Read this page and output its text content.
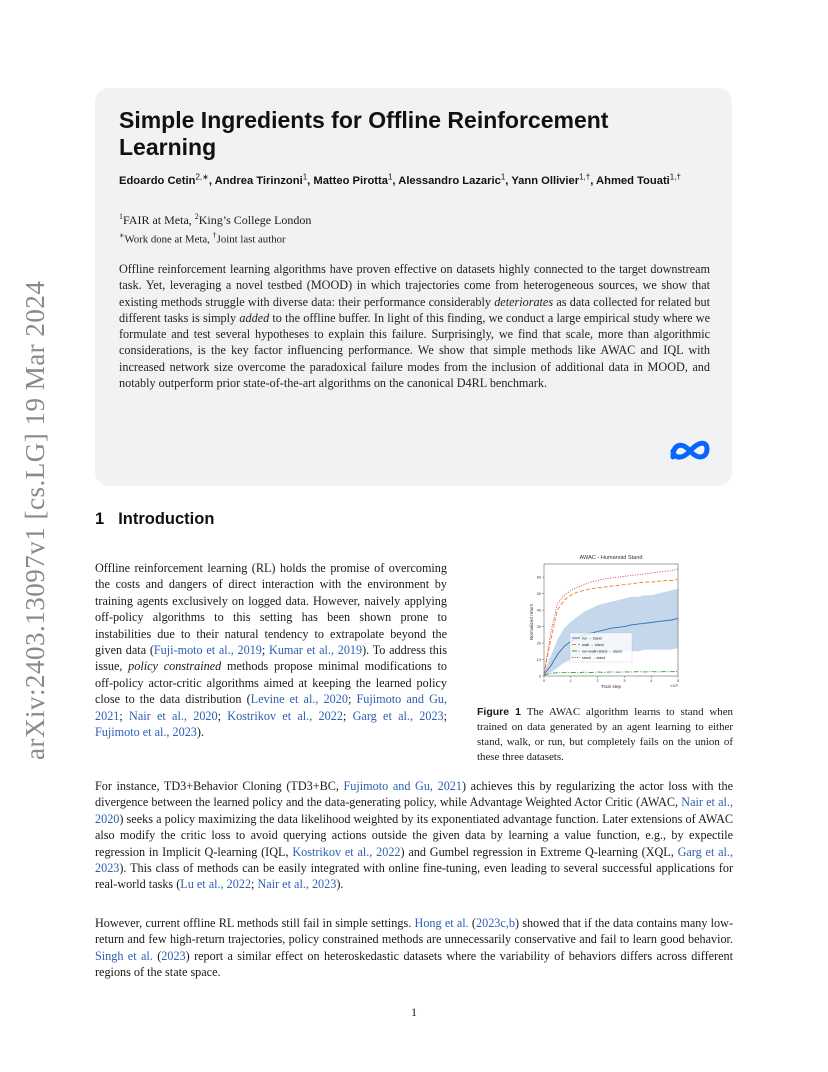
arXiv:2403.13097v1 [cs.LG] 19 Mar 2024
Simple Ingredients for Offline Reinforcement Learning
Edoardo Cetin$^{2,∗}$, Andrea Tirinzoni$^1$, Matteo Pirotta$^1$, Alessandro Lazaric$^1$, Yann Ollivier$^{1,\dagger}$, Ahmed Touati$^{1,\dagger}$
$^1$FAIR at Meta, $^2$King’s College London
∗Work done at Meta, †Joint last author
Offline reinforcement learning algorithms have proven effective on datasets highly connected to the target downstream task. Yet, leveraging a novel testbed (MOOD) in which trajectories come from heterogeneous sources, we show that existing methods struggle with diverse data: their performance considerably deteriorates as data collected for related but different tasks is simply added to the offline buffer. In light of this finding, we conduct a large empirical study where we formulate and test several hypotheses to explain this failure. Surprisingly, we find that scale, more than algorithmic considerations, is the key factor influencing performance. We show that simple methods like AWAC and IQL with increased network size overcome the paradoxical failure modes from the inclusion of additional data in MOOD, and notably outperform prior state-of-the-art algorithms on the canonical D4RL benchmark.
1 Introduction
Offline reinforcement learning (RL) holds the promise of overcoming the costs and dangers of direct interaction with the environment by training agents exclusively on logged data. However, naively applying off-policy algorithms to this setting has been shown prone to instabilities due to their natural tendency to extrapolate beyond the given data (Fuji-moto et al., 2019; Kumar et al., 2019). To address this issue, policy constrained methods propose minimal modifications to off-policy actor-critic algorithms aimed at keeping the learned policy close to the data distribution (Levine et al., 2020; Fujimoto and Gu, 2021; Nair et al., 2020; Kostrikov et al., 2022; Garg et al., 2023; Fujimoto et al., 2023).
AWAC - Humanoid Stand
Normalized return
Train step	×10⁶
0
10
20
30
40
50
60
0	1	2	3	4	5
run → stand
walk → stand
run+walk+stand → stand
stand → stand
Figure 1 The AWAC algorithm learns to stand when trained on data generated by an agent learning to either stand, walk, or run, but completely fails on the union of these three datasets.
For instance, TD3+Behavior Cloning (TD3+BC, Fujimoto and Gu, 2021) achieves this by regularizing the actor loss with the divergence between the learned policy and the data-generating policy, while Advantage Weighted Actor Critic (AWAC, Nair et al., 2020) seeks a policy maximizing the data likelihood weighted by its exponentiated advantage function. Later extensions of AWAC also modify the critic loss to avoid querying actions outside the given data by learning a value function, e.g., by expectile regression in Implicit Q-learning (IQL, Kostrikov et al., 2022) and Gumbel regression in Extreme Q-learning (XQL, Garg et al., 2023). This class of methods can be easily integrated with online fine-tuning, even leading to several successful applications for real-world tasks (Lu et al., 2022; Nair et al., 2023).
However, current offline RL methods still fail in simple settings. Hong et al. (2023c,b) showed that if the data contains many low-return and few high-return trajectories, policy constrained methods are unnecessarily conservative and fail to learn good behavior. Singh et al. (2023) report a similar effect on heteroskedastic datasets where the variability of behaviors differs across different regions of the state space.
1
